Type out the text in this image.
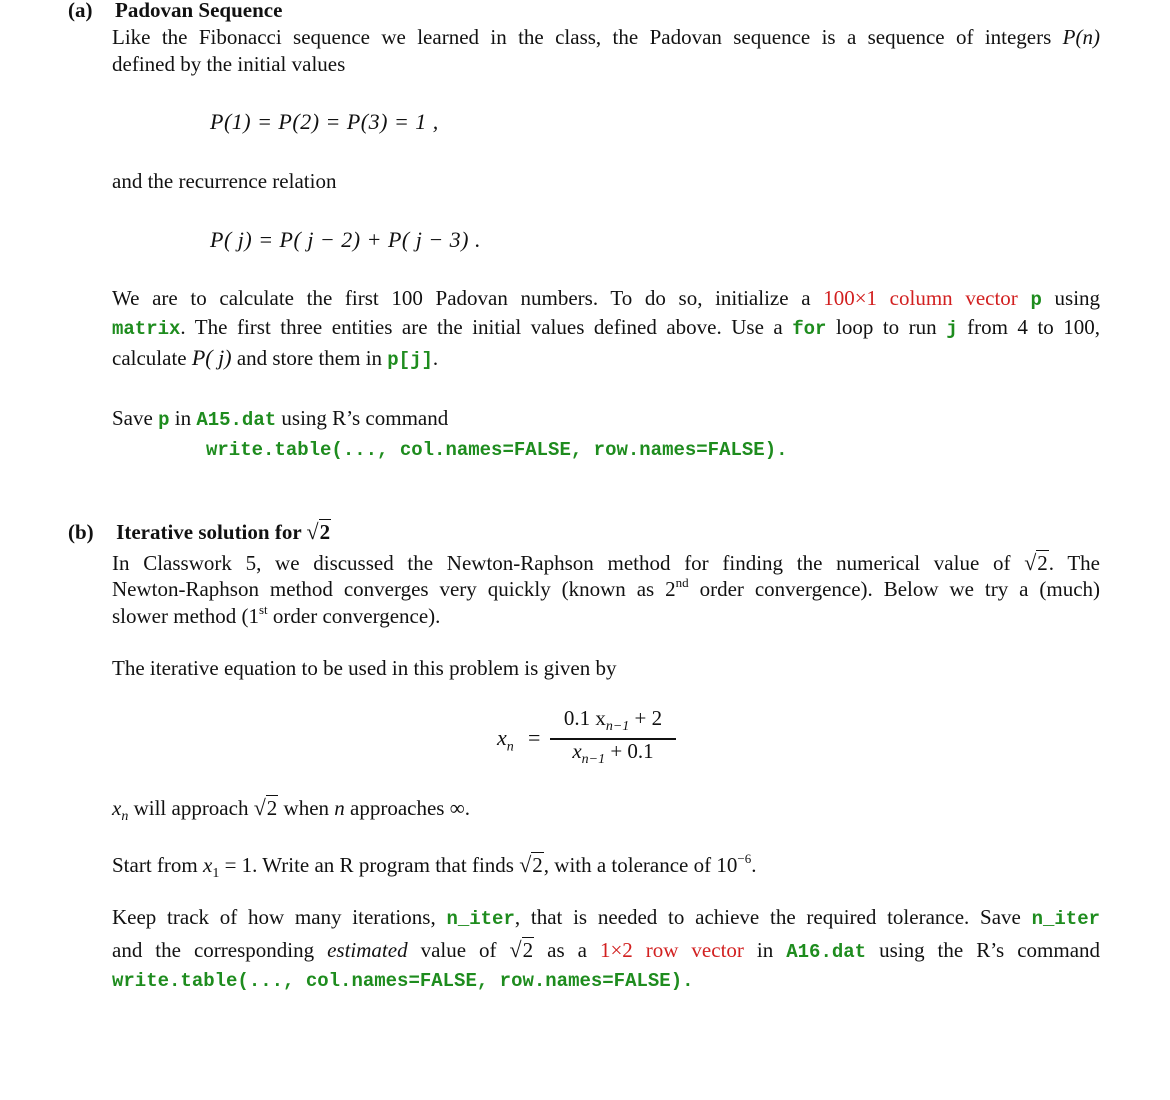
(a) Padovan Sequence
Like the Fibonacci sequence we learned in the class, the Padovan sequence is a sequence of integers P(n)
defined by the initial values
P(1) = P(2) = P(3) = 1 ,
and the recurrence relation
P( j) = P( j − 2) + P( j − 3) .
We are to calculate the first 100 Padovan numbers. To do so, initialize a 100×1 column vector p using
matrix. The first three entities are the initial values defined above. Use a for loop to run j from 4 to 100,
calculate P( j) and store them in p[j].
Save p in A15.dat using R’s command
write.table(..., col.names=FALSE, row.names=FALSE).
(b) Iterative solution for √2
In Classwork 5, we discussed the Newton-Raphson method for finding the numerical value of √2. The
Newton-Raphson method converges very quickly (known as 2nd order convergence). Below we try a (much)
slower method (1st order convergence).
The iterative equation to be used in this problem is given by
$x_n$ =
0.1 $x_{n-1} + 2$
$x_{n-1} + 0.1$
$x_n$ will approach √2 when n approaches ∞.
Start from $x_1 = 1$. Write an R program that finds √2, with a tolerance of $10^{-6}$.
Keep track of how many iterations, n_iter, that is needed to achieve the required tolerance. Save n_iter
and the corresponding estimated value of √2 as a 1×2 row vector in A16.dat using the R’s command
write.table(..., col.names=FALSE, row.names=FALSE).
